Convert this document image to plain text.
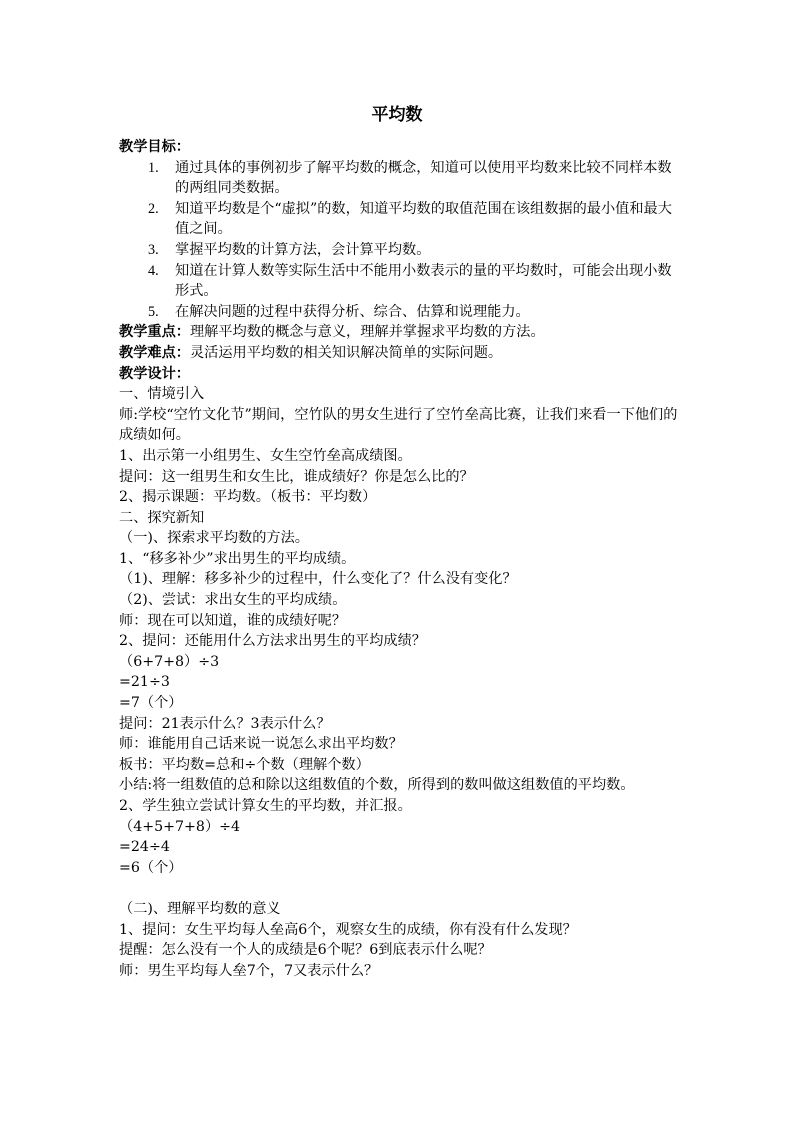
平均数
教学目标：
1. 通过具体的事例初步了解平均数的概念，知道可以使用平均数来比较不同样本数的两组同类数据。
2. 知道平均数是个“虚拟”的数，知道平均数的取值范围在该组数据的最小值和最大值之间。
3. 掌握平均数的计算方法，会计算平均数。
4. 知道在计算人数等实际生活中不能用小数表示的量的平均数时，可能会出现小数形式。
5. 在解决问题的过程中获得分析、综合、估算和说理能力。
教学重点：理解平均数的概念与意义，理解并掌握求平均数的方法。
教学难点：灵活运用平均数的相关知识解决简单的实际问题。
教学设计：
一、情境引入
师:学校“空竹文化节”期间，空竹队的男女生进行了空竹垒高比赛，让我们来看一下他们的成绩如何。
1、出示第一小组男生、女生空竹垒高成绩图。
提问：这一组男生和女生比，谁成绩好？你是怎么比的？
2、揭示课题：平均数。（板书：平均数）
二、探究新知
（一)、探索求平均数的方法。
1、“移多补少”求出男生的平均成绩。
（1)、理解：移多补少的过程中，什么变化了？什么没有变化？
（2)、尝试：求出女生的平均成绩。
师：现在可以知道，谁的成绩好呢？
2、提问：还能用什么方法求出男生的平均成绩？
（6+7+8）÷3
=21÷3
=7（个）
提问：21表示什么？3表示什么？
师：谁能用自己话来说一说怎么求出平均数？
板书：平均数=总和÷个数（理解个数）
小结:将一组数值的总和除以这组数值的个数，所得到的数叫做这组数值的平均数。
2、学生独立尝试计算女生的平均数，并汇报。
（4+5+7+8）÷4
=24÷4
=6（个）
（二)、理解平均数的意义
1、提问：女生平均每人垒高6个，观察女生的成绩，你有没有什么发现？
提醒：怎么没有一个人的成绩是6个呢？6到底表示什么呢？
师：男生平均每人垒7个，7又表示什么？
